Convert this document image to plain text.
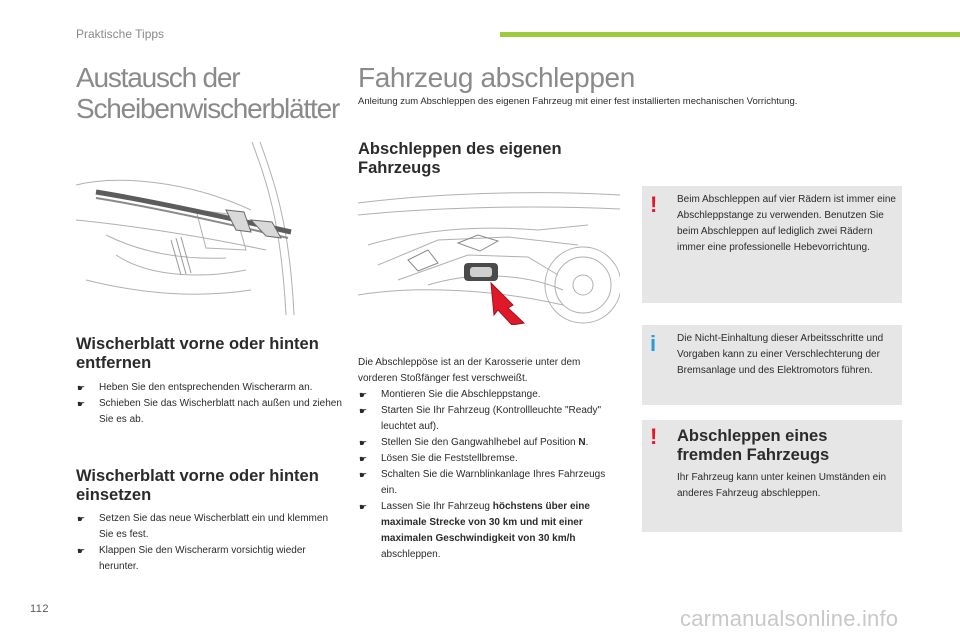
Praktische Tipps
Austausch der Scheibenwischerblätter
Fahrzeug abschleppen
Anleitung zum Abschleppen des eigenen Fahrzeug mit einer fest installierten mechanischen Vorrichtung.
Wischerblatt vorne oder hinten entfernen
☛ Heben Sie den entsprechenden Wischerarm an.
☛ Schieben Sie das Wischerblatt nach außen und ziehen Sie es ab.
Wischerblatt vorne oder hinten einsetzen
☛ Setzen Sie das neue Wischerblatt ein und klemmen Sie es fest.
☛ Klappen Sie den Wischerarm vorsichtig wieder herunter.
Abschleppen des eigenen Fahrzeugs

Die Abschleppöse ist an der Karosserie unter dem vorderen Stoßfänger fest verschweißt.

☛ Montieren Sie die Abschleppstange.
☛ Starten Sie Ihr Fahrzeug (Kontrollleuchte "Ready" leuchtet auf).
☛ Stellen Sie den Gangwahlhebel auf Position N.
☛ Lösen Sie die Feststellbremse.
☛ Schalten Sie die Warnblinkanlage Ihres Fahrzeugs ein.
☛ Lassen Sie Ihr Fahrzeug höchstens über eine maximale Strecke von 30 km und mit einer maximalen Geschwindigkeit von 30 km/h abschleppen.
! Beim Abschleppen auf vier Rädern ist immer eine Abschleppstange zu verwenden. Benutzen Sie beim Abschleppen auf lediglich zwei Rädern immer eine professionelle Hebevorrichtung.
i Die Nicht-Einhaltung dieser Arbeitsschritte und Vorgaben kann zu einer Verschlechterung der Bremsanlage und des Elektromotors führen.
! Abschleppen eines fremden Fahrzeugs
Ihr Fahrzeug kann unter keinen Umständen ein anderes Fahrzeug abschleppen.
112	carmanualsonline.info
